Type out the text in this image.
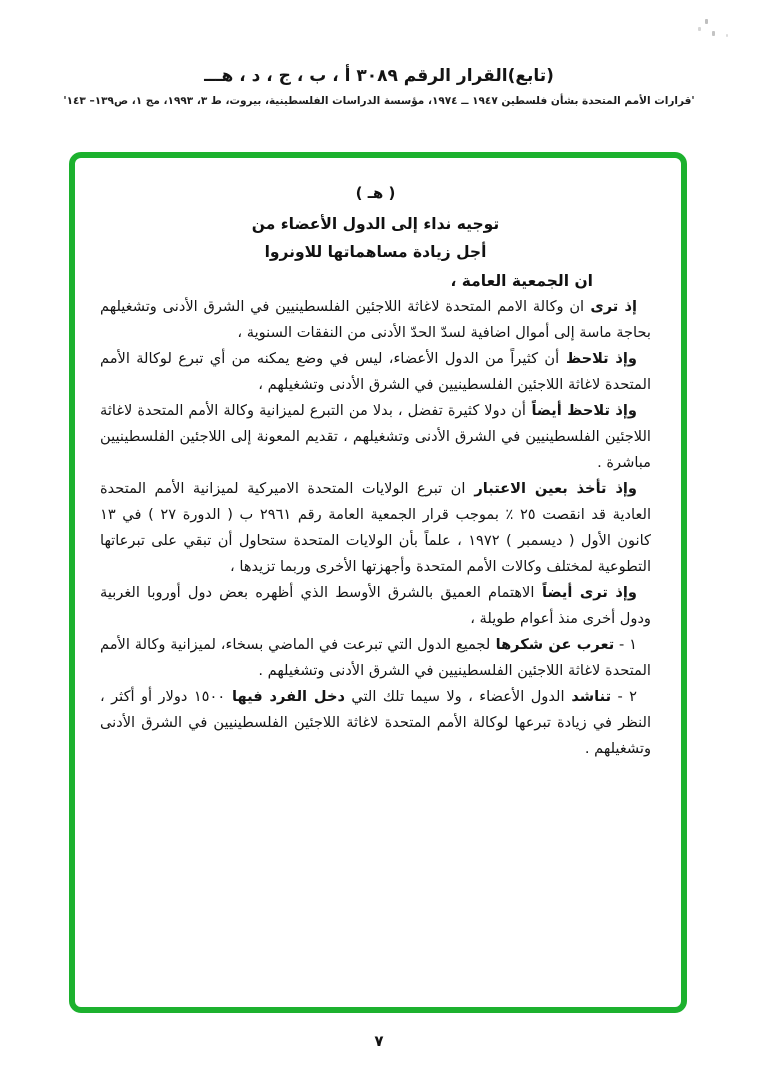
(تابع)القرار الرقم ٣٠٨٩ أ ، ب ، ج ، د ، هـــ
'قرارات الأمم المتحدة بشأن فلسطين ١٩٤٧ ــ ١٩٧٤، مؤسسة الدراسات الفلسطينية، بيروت، ط ٣، ١٩٩٣، مج ١، ص١٣٩– ١٤٣'

( هـ )

توجيه نداء إلى الدول الأعضاء من

أجل زيادة مساهماتها للاونروا

ان الجمعية العامة ،

إذ ترى ان وكالة الامم المتحدة لاغاثة اللاجئين الفلسطينيين في الشرق الأدنى وتشغيلهم بحاجة ماسة إلى أموال اضافية لسدّ الحدّ الأدنى من النفقات السنوية ،

وإذ تلاحظ أن كثيراً من الدول الأعضاء، ليس في وضع يمكنه من أي تبرع لوكالة الأمم المتحدة لاغاثة اللاجئين الفلسطينيين في الشرق الأدنى وتشغيلهم ،

وإذ تلاحظ أيضاً أن دولا كثيرة تفضل ، بدلا من التبرع لميزانية وكالة الأمم المتحدة لاغاثة اللاجئين الفلسطينيين في الشرق الأدنى وتشغيلهم ، تقديم المعونة إلى اللاجئين الفلسطينيين مباشرة .

وإذ تأخذ بعين الاعتبار ان تبرع الولايات المتحدة الاميركية لميزانية الأمم المتحدة العادية قد انقصت ٢٥ ٪ بموجب قرار الجمعية العامة رقم ٢٩٦١ ب ( الدورة ٢٧ ) في ١٣ كانون الأول ( ديسمبر ) ١٩٧٢ ، علماً بأن الولايات المتحدة ستحاول أن تبقي على تبرعاتها التطوعية لمختلف وكالات الأمم المتحدة وأجهزتها الأخرى وربما تزيدها ،

وإذ ترى أيضاً الاهتمام العميق بالشرق الأوسط الذي أظهره بعض دول أوروبا الغربية ودول أخرى منذ أعوام طويلة ،

١ - تعرب عن شكرها لجميع الدول التي تبرعت في الماضي بسخاء، لميزانية وكالة الأمم المتحدة لاغاثة اللاجئين الفلسطينيين في الشرق الأدنى وتشغيلهم .

٢ - تناشد الدول الأعضاء ، ولا سيما تلك التي دخل الفرد فيها ١٥٠٠ دولار أو أكثر ، النظر في زيادة تبرعها لوكالة الأمم المتحدة لاغاثة اللاجئين الفلسطينيين في الشرق الأدنى وتشغيلهم .

٧
